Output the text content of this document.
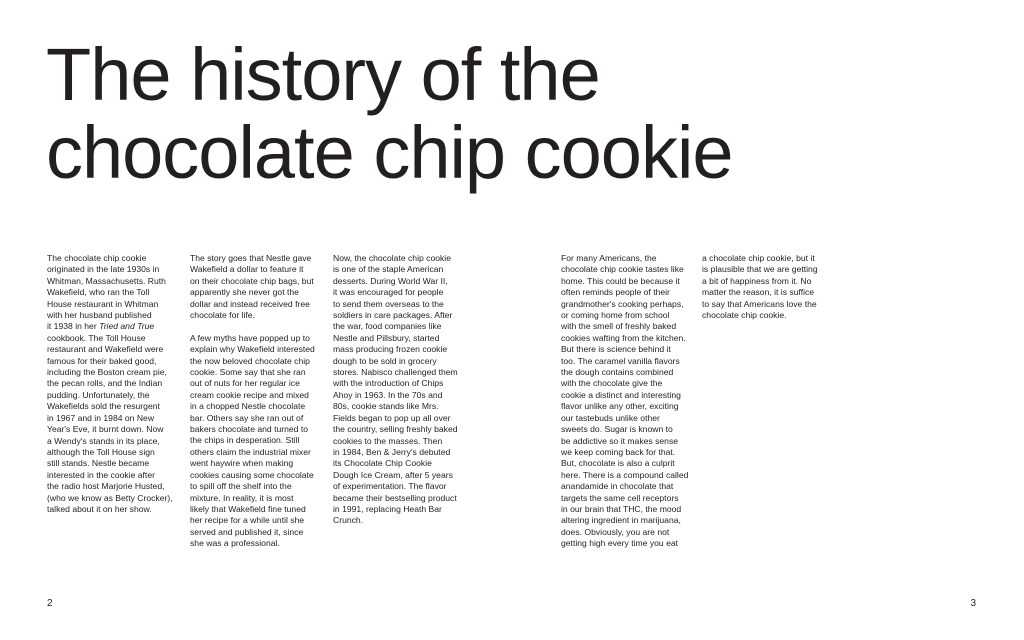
The history of the
chocolate chip cookie

The chocolate chip cookie
originated in the late 1930s in
Whitman, Massachusetts. Ruth
Wakefield, who ran the Toll
House restaurant in Whitman
with her husband published
it 1938 in her Tried and True
cookbook. The Toll House
restaurant and Wakefield were
famous for their baked good,
including the Boston cream pie,
the pecan rolls, and the Indian
pudding. Unfortunately, the
Wakefields sold the resurgent
in 1967 and in 1984 on New
Year's Eve, it burnt down. Now
a Wendy's stands in its place,
although the Toll House sign
still stands. Nestle became
interested in the cookie after
the radio host Marjorie Husted,
(who we know as Betty Crocker),
talked about it on her show.

The story goes that Nestle gave
Wakefield a dollar to feature it
on their chocolate chip bags, but
apparently she never got the
dollar and instead received free
chocolate for life.

A few myths have popped up to
explain why Wakefield interested
the now beloved chocolate chip
cookie. Some say that she ran
out of nuts for her regular ice
cream cookie recipe and mixed
in a chopped Nestle chocolate
bar. Others say she ran out of
bakers chocolate and turned to
the chips in desperation. Still
others claim the industrial mixer
went haywire when making
cookies causing some chocolate
to spill off the shelf into the
mixture. In reality, it is most
likely that Wakefield fine tuned
her recipe for a while until she
served and published it, since
she was a professional.

Now, the chocolate chip cookie
is one of the staple American
desserts. During World War II,
it was encouraged for people
to send them overseas to the
soldiers in care packages. After
the war, food companies like
Nestle and Pillsbury, started
mass producing frozen cookie
dough to be sold in grocery
stores. Nabisco challenged them
with the introduction of Chips
Ahoy in 1963. In the 70s and
80s, cookie stands like Mrs.
Fields began to pop up all over
the country, selling freshly baked
cookies to the masses. Then
in 1984, Ben & Jerry's debuted
its Chocolate Chip Cookie
Dough Ice Cream, after 5 years
of experimentation. The flavor
became their bestselling product
in 1991, replacing Heath Bar
Crunch.

For many Americans, the
chocolate chip cookie tastes like
home. This could be because it
often reminds people of their
grandmother's cooking perhaps,
or coming home from school
with the smell of freshly baked
cookies wafting from the kitchen.
But there is science behind it
too. The caramel vanilla flavors
the dough contains combined
with the chocolate give the
cookie a distinct and interesting
flavor unlike any other, exciting
our tastebuds unlike other
sweets do. Sugar is known to
be addictive so it makes sense
we keep coming back for that.
But, chocolate is also a culprit
here. There is a compound called
anandamide in chocolate that
targets the same cell receptors
in our brain that THC, the mood
altering ingredient in marijuana,
does. Obviously, you are not
getting high every time you eat

a chocolate chip cookie, but it
is plausible that we are getting
a bit of happiness from it. No
matter the reason, it is suffice
to say that Americans love the
chocolate chip cookie.

2	3
